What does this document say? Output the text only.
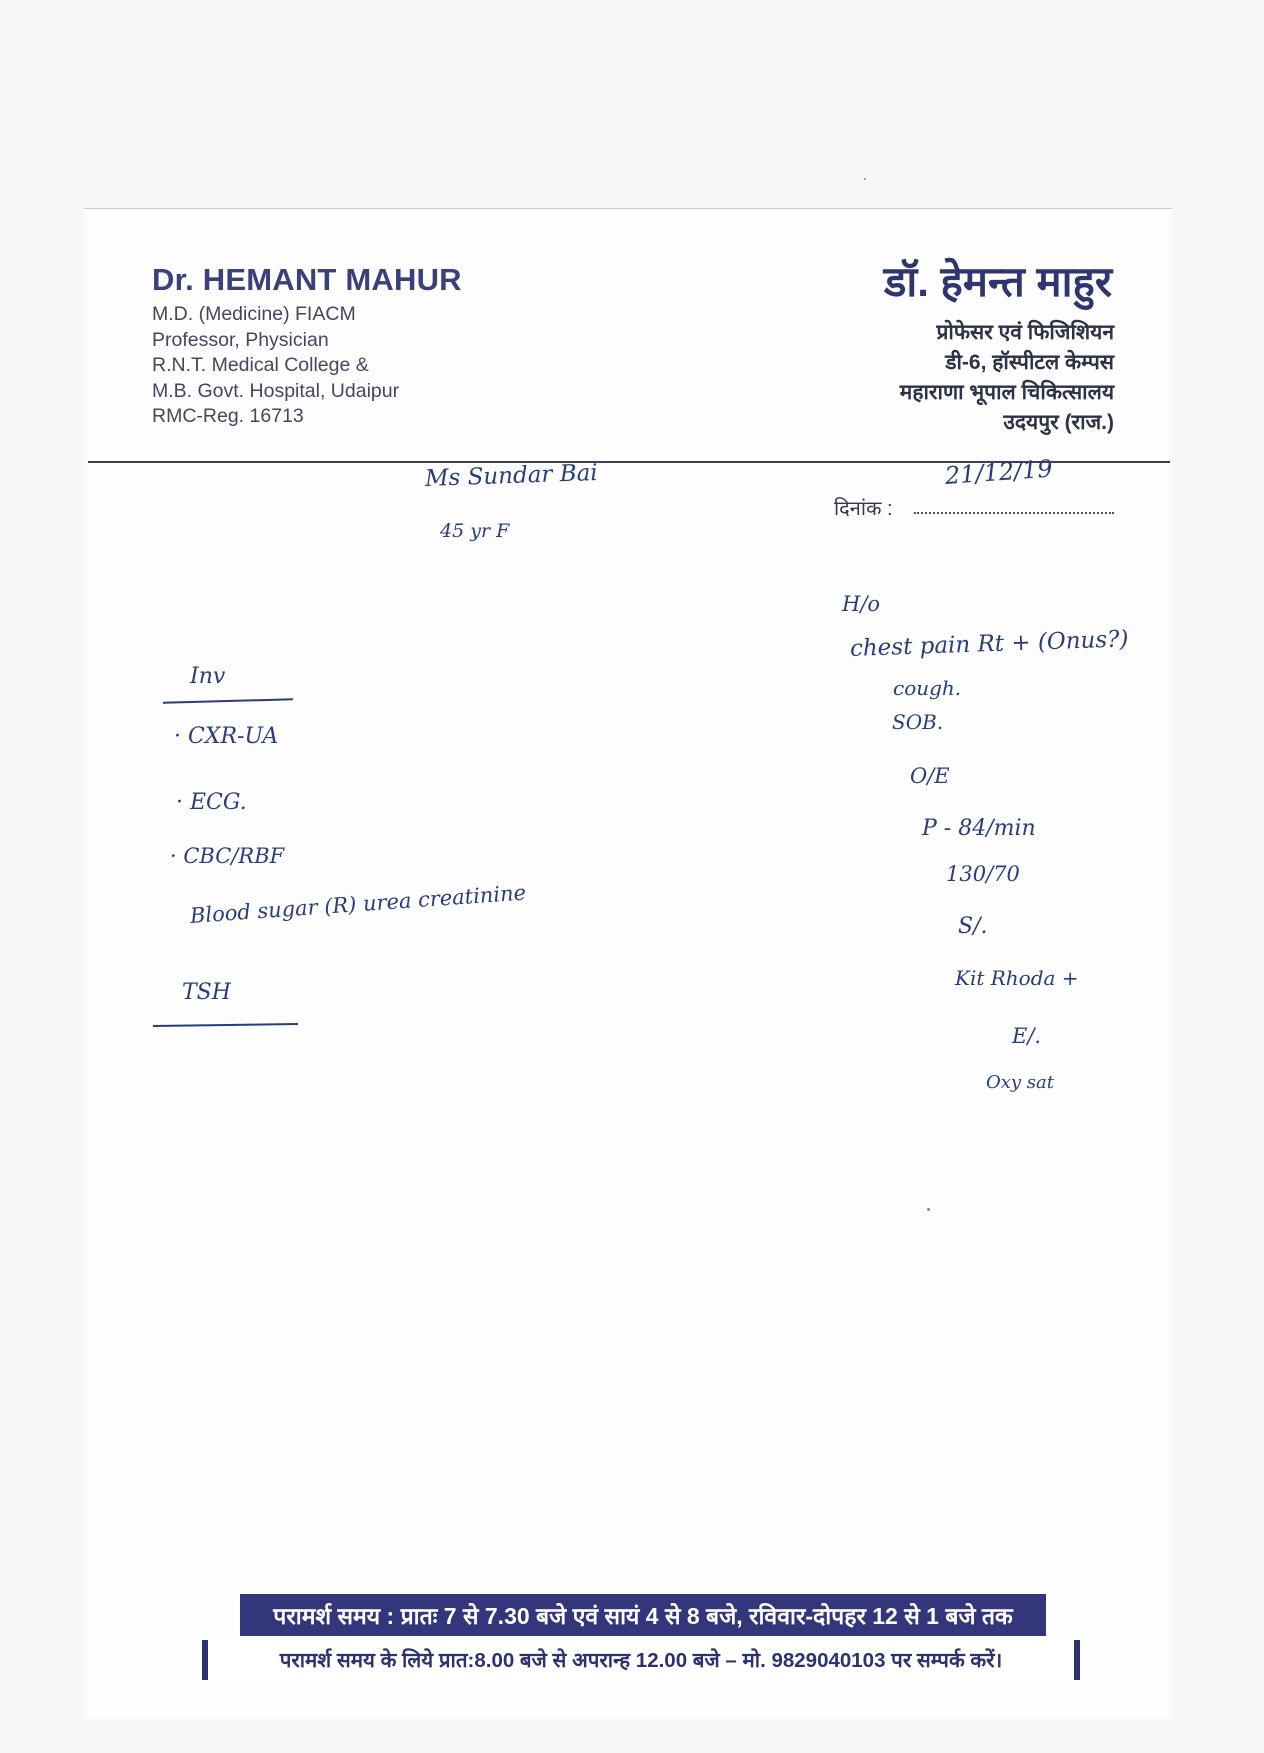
Dr. HEMANT MAHUR
M.D. (Medicine) FIACM
Professor, Physician
R.N.T. Medical College &
M.B. Govt. Hospital, Udaipur
RMC-Reg. 16713
डॉ. हेमन्त माहुर
प्रोफेसर एवं फिजिशियन
डी-6, हॉस्पीटल केम्पस
महाराणा भूपाल चिकित्सालय
उदयपुर (राज.)
दिनांक :
Ms Sundar Bai
45 yr F
21/12/19
H/o
chest pain Rt + (Onus?)
cough.
SOB.
O/E
P - 84/min
130/70
S/.
Kit Rhoda +
E/.
Oxy sat
Inv
· CXR-UA
· ECG.
· CBC/RBF
Blood sugar (R) urea creatinine
TSH
परामर्श समय : प्रातः 7 से 7.30 बजे एवं सायं 4 से 8 बजे, रविवार-दोपहर 12 से 1 बजे तक
परामर्श समय के लिये प्रात:8.00 बजे से अपरान्ह 12.00 बजे – मो. 9829040103 पर सम्पर्क करें।
